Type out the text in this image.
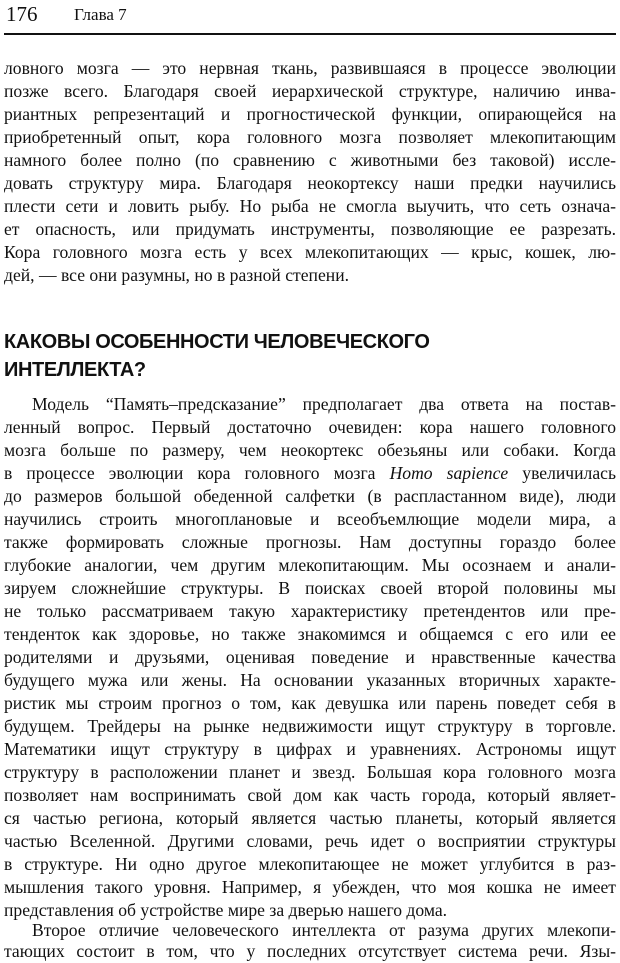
176 Глава 7
ловного мозга — это нервная ткань, развившаяся в процессе эволюции
позже всего. Благодаря своей иерархической структуре, наличию инва-
риантных репрезентаций и прогностической функции, опирающейся на
приобретенный опыт, кора головного мозга позволяет млекопитающим
намного более полно (по сравнению с животными без таковой) иссле-
довать структуру мира. Благодаря неокортексу наши предки научились
плести сети и ловить рыбу. Но рыба не смогла выучить, что сеть означа-
ет опасность, или придумать инструменты, позволяющие ее разрезать.
Кора головного мозга есть у всех млекопитающих — крыс, кошек, лю-
дей, — все они разумны, но в разной степени.
КАКОВЫ ОСОБЕННОСТИ ЧЕЛОВЕЧЕСКОГО
ИНТЕЛЛЕКТА?
Модель “Память–предсказание” предполагает два ответа на постав-
ленный вопрос. Первый достаточно очевиден: кора нашего головного
мозга больше по размеру, чем неокортекс обезьяны или собаки. Когда
в процессе эволюции кора головного мозга Homo sapience увеличилась
до размеров большой обеденной салфетки (в распластанном виде), люди
научились строить многоплановые и всеобъемлющие модели мира, а
также формировать сложные прогнозы. Нам доступны гораздо более
глубокие аналогии, чем другим млекопитающим. Мы осознаем и анали-
зируем сложнейшие структуры. В поисках своей второй половины мы
не только рассматриваем такую характеристику претендентов или пре-
тенденток как здоровье, но также знакомимся и общаемся с его или ее
родителями и друзьями, оценивая поведение и нравственные качества
будущего мужа или жены. На основании указанных вторичных характе-
ристик мы строим прогноз о том, как девушка или парень поведет себя в
будущем. Трейдеры на рынке недвижимости ищут структуру в торговле.
Математики ищут структуру в цифрах и уравнениях. Астрономы ищут
структуру в расположении планет и звезд. Большая кора головного мозга
позволяет нам воспринимать свой дом как часть города, который являет-
ся частью региона, который является частью планеты, который является
частью Вселенной. Другими словами, речь идет о восприятии структуры
в структуре. Ни одно другое млекопитающее не может углубится в раз-
мышления такого уровня. Например, я убежден, что моя кошка не имеет
представления об устройстве мире за дверью нашего дома.
Второе отличие человеческого интеллекта от разума других млекопи-
тающих состоит в том, что у последних отсутствует система речи. Язы-
